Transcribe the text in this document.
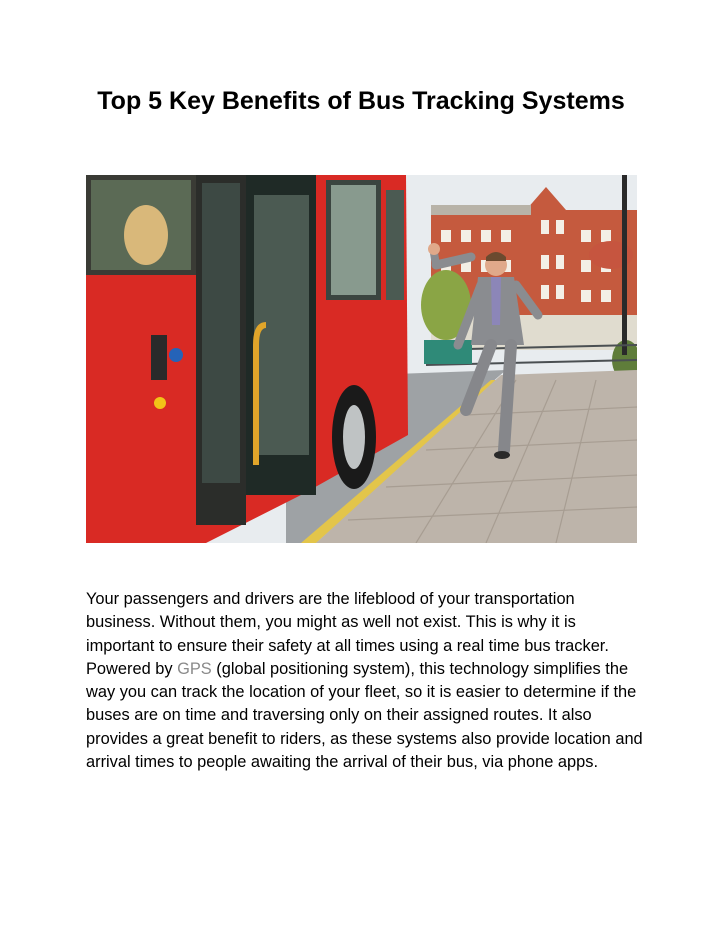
Top 5 Key Benefits of Bus Tracking Systems

Your passengers and drivers are the lifeblood of your transportation business. Without them, you might as well not exist. This is why it is important to ensure their safety at all times using a real time bus tracker. Powered by GPS (global positioning system), this technology simplifies the way you can track the location of your fleet, so it is easier to determine if the buses are on time and traversing only on their assigned routes. It also provides a great benefit to riders, as these systems also provide location and arrival times to people awaiting the arrival of their bus, via phone apps.
